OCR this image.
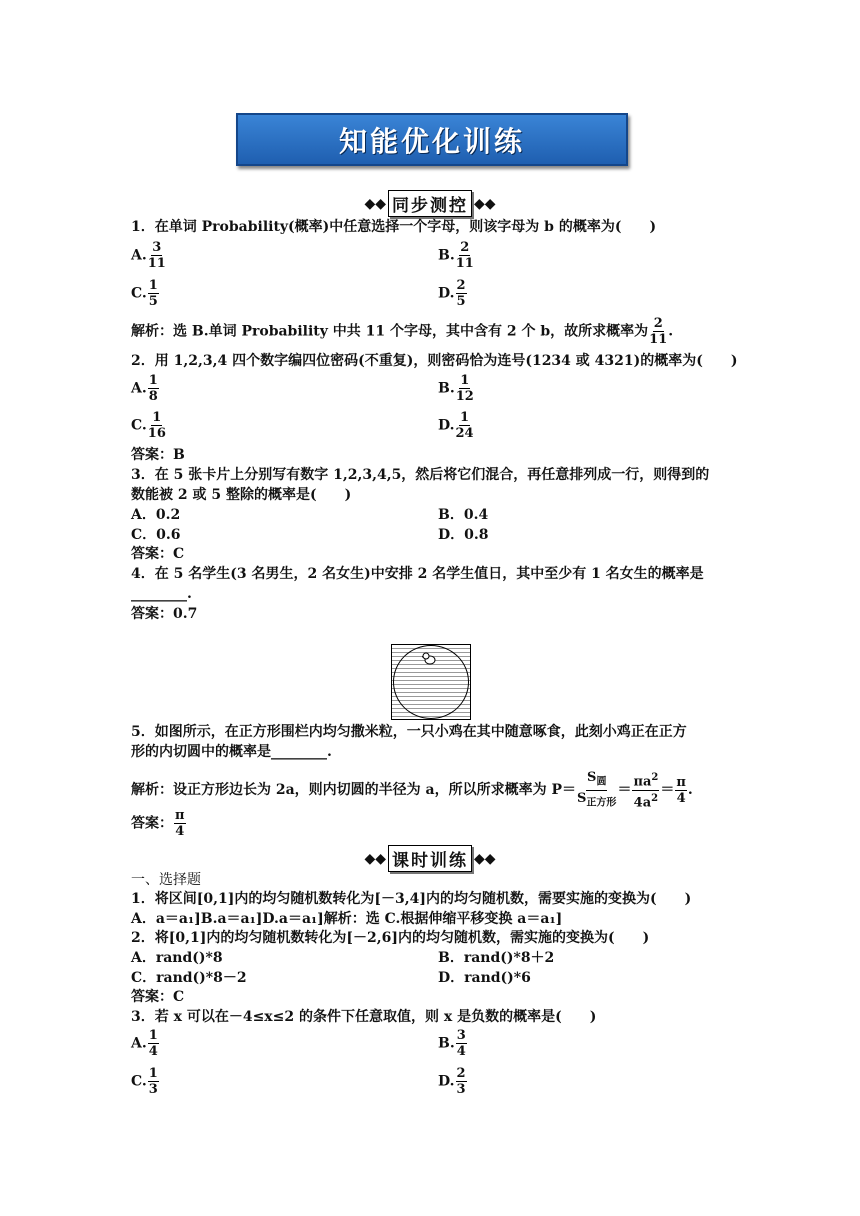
知能优化训练
◆◆ 同步测控 ◆◆
1．在单词 Probability(概率)中任意选择一个字母，则该字母为 b 的概率为(　　)
A. $\frac{3}{11}$	B. $\frac{2}{11}$
C. $\frac{1}{5}$	D. $\frac{2}{5}$
解析：选 B.单词 Probability 中共 11 个字母，其中含有 2 个 b，故所求概率为 $\frac{2}{11}$ .
2．用 1,2,3,4 四个数字编四位密码(不重复)，则密码恰为连号(1234 或 4321)的概率为(　　)
A. $\frac{1}{8}$	B. $\frac{1}{12}$
C. $\frac{1}{16}$	D. $\frac{1}{24}$
答案：B
3．在 5 张卡片上分别写有数字 1,2,3,4,5，然后将它们混合，再任意排列成一行，则得到的
数能被 2 或 5 整除的概率是(　　)
A．0.2	B．0.4
C．0.6	D．0.8
答案：C
4．在 5 名学生(3 名男生，2 名女生)中安排 2 名学生值日，其中至少有 1 名女生的概率是
________.
答案：0.7
5．如图所示，在正方形围栏内均匀撒米粒，一只小鸡在其中随意啄食，此刻小鸡正在正方
形的内切圆中的概率是________.
解析：设正方形边长为 2a，则内切圆的半径为 a，所以所求概率为 $P= \frac{S_圆}{S_{正方形}} = \frac{\pi a^2}{4a^2} = \frac{\pi}{4}$ .
答案： $\frac{\pi}{4}$
◆◆ 课时训练 ◆◆
一、选择题
1．将区间[0,1]内的均匀随机数转化为[－3,4]内的均匀随机数，需要实施的变换为(　　)
A．a＝a₁]B.a＝a₁]D.a＝a₁]解析：选 C.根据伸缩平移变换 a＝a₁]
2．将[0,1]内的均匀随机数转化为[－2,6]内的均匀随机数，需实施的变换为(　　)
A．rand()*8	B．rand()*8＋2
C．rand()*8－2	D．rand()*6
答案：C
3．若 x 可以在－4≤x≤2 的条件下任意取值，则 x 是负数的概率是(　　)
A. $\frac{1}{4}$	B. $\frac{3}{4}$
C. $\frac{1}{3}$	D. $\frac{2}{3}$
